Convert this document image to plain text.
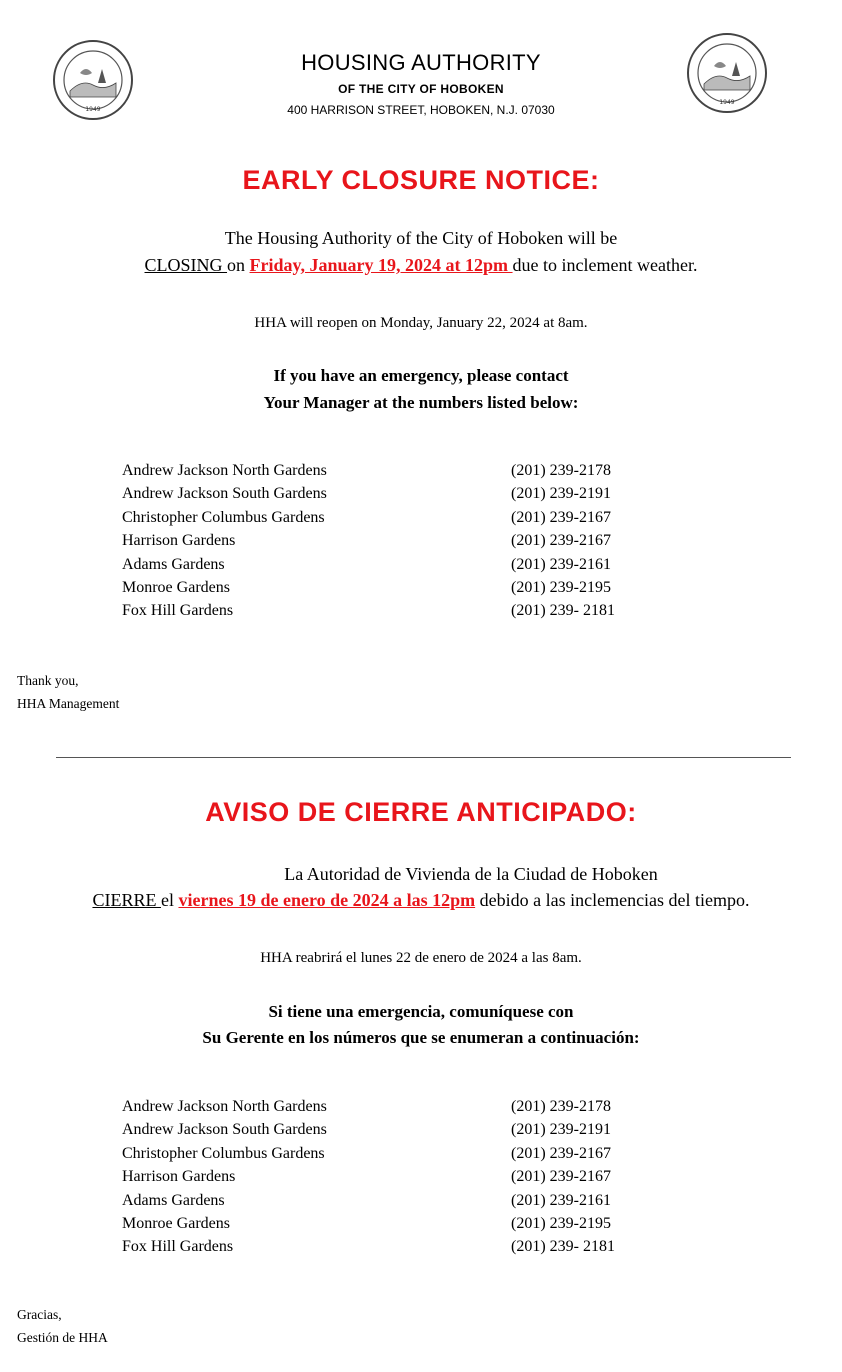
1949
1949
HOUSING AUTHORITY
OF THE CITY OF HOBOKEN
400 HARRISON STREET, HOBOKEN, N.J. 07030
EARLY CLOSURE NOTICE:
The Housing Authority of the City of Hoboken will be
CLOSING on Friday, January 19, 2024 at 12pm due to inclement weather.
HHA will reopen on Monday, January 22, 2024 at 8am.
If you have an emergency, please contact
Your Manager at the numbers listed below:
Andrew Jackson North Gardens	(201) 239-2178
Andrew Jackson South Gardens	(201) 239-2191
Christopher Columbus Gardens	(201) 239-2167
Harrison Gardens	(201) 239-2167
Adams Gardens	(201) 239-2161
Monroe Gardens	(201) 239-2195
Fox Hill Gardens	(201) 239- 2181
Thank you,
HHA Management
AVISO DE CIERRE ANTICIPADO:
La Autoridad de Vivienda de la Ciudad de Hoboken
CIERRE el viernes 19 de enero de 2024 a las 12pm debido a las inclemencias del tiempo.
HHA reabrirá el lunes 22 de enero de 2024 a las 8am.
Si tiene una emergencia, comuníquese con
Su Gerente en los números que se enumeran a continuación:
Andrew Jackson North Gardens	(201) 239-2178
Andrew Jackson South Gardens	(201) 239-2191
Christopher Columbus Gardens	(201) 239-2167
Harrison Gardens	(201) 239-2167
Adams Gardens	(201) 239-2161
Monroe Gardens	(201) 239-2195
Fox Hill Gardens	(201) 239- 2181
Gracias,
Gestión de HHA
